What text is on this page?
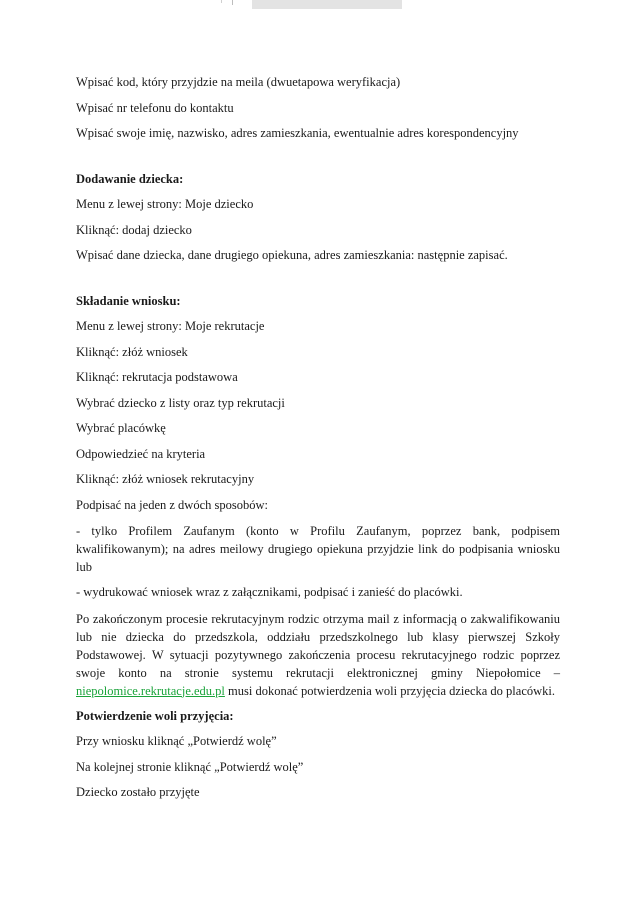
Wpisać kod, który przyjdzie na meila (dwuetapowa weryfikacja)
Wpisać nr telefonu do kontaktu
Wpisać swoje imię, nazwisko, adres zamieszkania, ewentualnie adres korespondencyjny
Dodawanie dziecka:
Menu z lewej strony: Moje dziecko
Kliknąć: dodaj dziecko
Wpisać dane dziecka, dane drugiego opiekuna, adres zamieszkania: następnie zapisać.
Składanie wniosku:
Menu z lewej strony: Moje rekrutacje
Kliknąć: złóż wniosek
Kliknąć: rekrutacja podstawowa
Wybrać dziecko z listy oraz typ rekrutacji
Wybrać placówkę
Odpowiedzieć na kryteria
Kliknąć: złóż wniosek rekrutacyjny
Podpisać na jeden z dwóch sposobów:
- tylko Profilem Zaufanym (konto w Profilu Zaufanym, poprzez bank, podpisem kwalifikowanym); na adres meilowy drugiego opiekuna przyjdzie link do podpisania wniosku lub
- wydrukować wniosek wraz z załącznikami, podpisać i zanieść do placówki.
Po zakończonym procesie rekrutacyjnym rodzic otrzyma mail z informacją o zakwalifikowaniu lub nie dziecka do przedszkola, oddziału przedszkolnego lub klasy pierwszej Szkoły Podstawowej. W sytuacji pozytywnego zakończenia procesu rekrutacyjnego rodzic poprzez swoje konto na stronie systemu rekrutacji elektronicznej gminy Niepołomice – niepolomice.rekrutacje.edu.pl musi dokonać potwierdzenia woli przyjęcia dziecka do placówki.
Potwierdzenie woli przyjęcia:
Przy wniosku kliknąć „Potwierdź wolę”
Na kolejnej stronie kliknąć „Potwierdź wolę”
Dziecko zostało przyjęte
